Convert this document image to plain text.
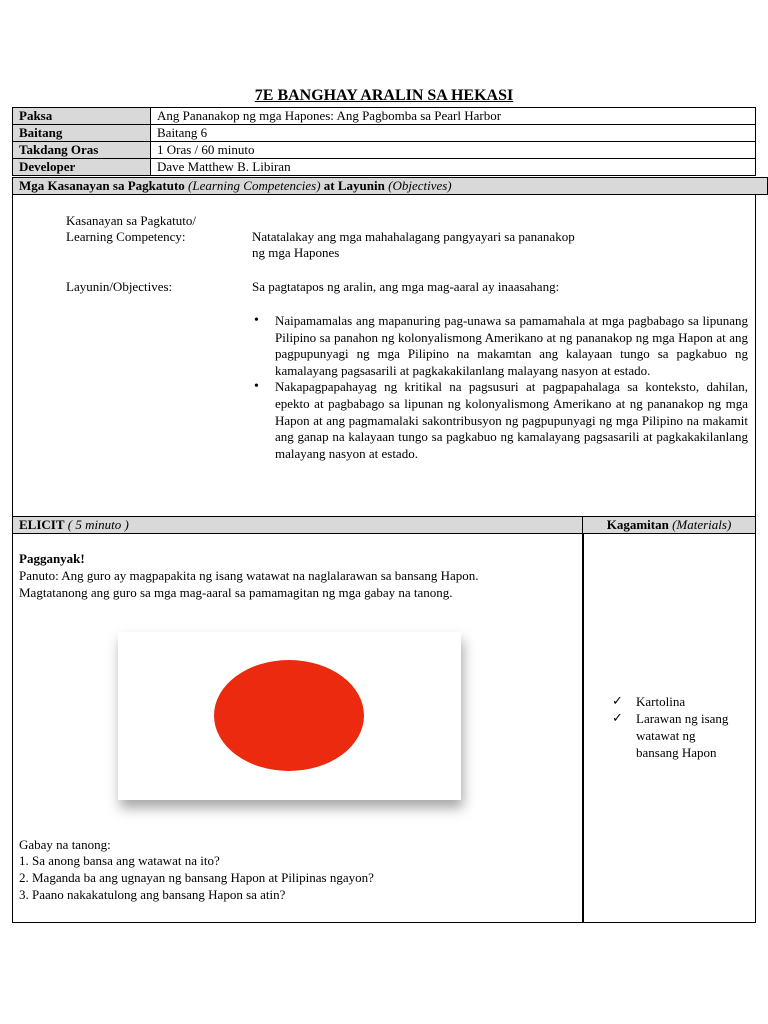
7E BANGHAY ARALIN SA HEKASI
Paksa	Ang Pananakop ng mga Hapones: Ang Pagbomba sa Pearl Harbor
Baitang	Baitang 6
Takdang Oras	1 Oras / 60 minuto
Developer	Dave Matthew B. Libiran
Mga Kasanayan sa Pagkatuto (Learning Competencies) at Layunin (Objectives)
Kasanayan sa Pagkatuto/
Learning Competency:	Natatalakay ang mga mahahalagang pangyayari sa pananakop
ng mga Hapones
Layunin/Objectives:	Sa pagtatapos ng aralin, ang mga mag-aaral ay inaasahang:
• Naipamamalas ang mapanuring pag-unawa sa pamamahala at mga pagbabago sa lipunang Pilipino sa panahon ng kolonyalismong Amerikano at ng pananakop ng mga Hapon at ang pagpupunyagi ng mga Pilipino na makamtan ang kalayaan tungo sa pagkabuo ng kamalayang pagsasarili at pagkakakilanlang malayang nasyon at estado.
• Nakapagpapahayag ng kritikal na pagsusuri at pagpapahalaga sa konteksto, dahilan, epekto at pagbabago sa lipunan ng kolonyalismong Amerikano at ng pananakop ng mga Hapon at ang pagmamalaki sakontribusyon ng pagpupunyagi ng mga Pilipino na makamit ang ganap na kalayaan tungo sa pagkabuo ng kamalayang pagsasarili at pagkakakilanlang malayang nasyon at estado.
ELICIT ( 5 minuto )	Kagamitan (Materials)
Pagganyak!
Panuto: Ang guro ay magpapakita ng isang watawat na naglalarawan sa bansang Hapon.
Magtatanong ang guro sa mga mag-aaral sa pamamagitan ng mga gabay na tanong.
Gabay na tanong:
1. Sa anong bansa ang watawat na ito?
2. Maganda ba ang ugnayan ng bansang Hapon at Pilipinas ngayon?
3. Paano nakakatulong ang bansang Hapon sa atin?
✓ Kartolina
✓ Larawan ng isang
watawat ng
bansang Hapon
